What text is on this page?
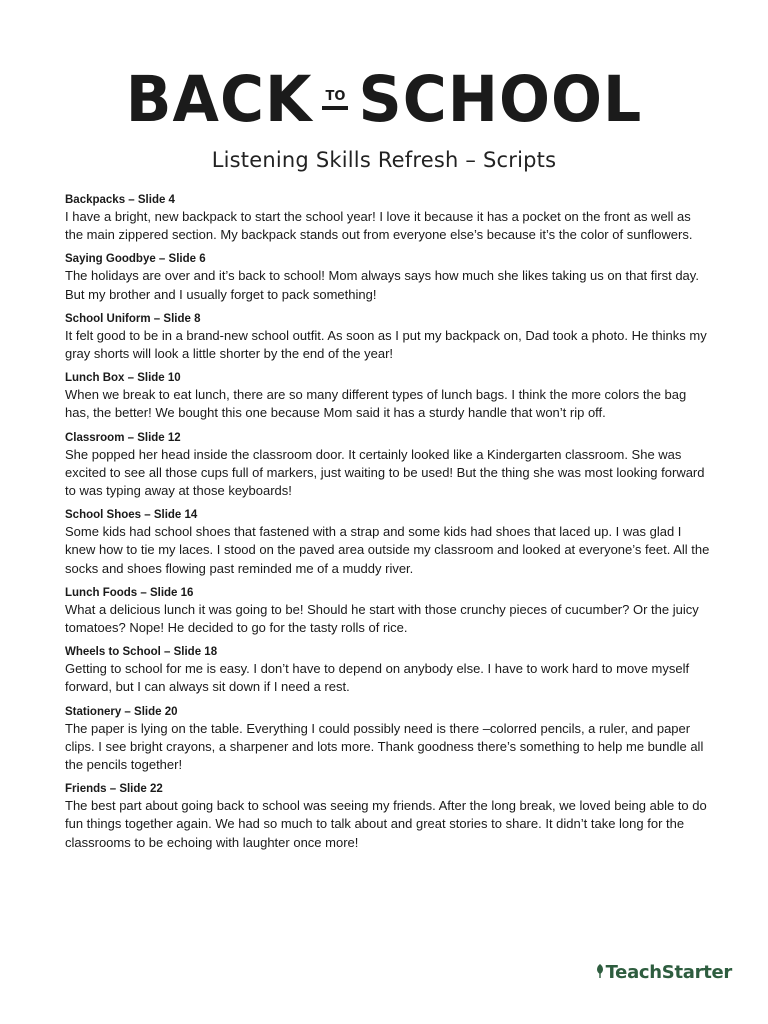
BACK TO SCHOOL
Listening Skills Refresh – Scripts
Backpacks – Slide 4
I have a bright, new backpack to start the school year! I love it because it has a pocket on the front as well as the main zippered section. My backpack stands out from everyone else’s because it’s the color of sunflowers.
Saying Goodbye – Slide 6
The holidays are over and it’s back to school! Mom always says how much she likes taking us on that first day. But my brother and I usually forget to pack something!
School Uniform – Slide 8
It felt good to be in a brand-new school outfit. As soon as I put my backpack on, Dad took a photo. He thinks my gray shorts will look a little shorter by the end of the year!
Lunch Box – Slide 10
When we break to eat lunch, there are so many different types of lunch bags. I think the more colors the bag has, the better! We bought this one because Mom said it has a sturdy handle that won’t rip off.
Classroom – Slide 12
She popped her head inside the classroom door. It certainly looked like a Kindergarten classroom. She was excited to see all those cups full of markers, just waiting to be used! But the thing she was most looking forward to was typing away at those keyboards!
School Shoes – Slide 14
Some kids had school shoes that fastened with a strap and some kids had shoes that laced up. I was glad I knew how to tie my laces. I stood on the paved area outside my classroom and looked at everyone’s feet. All the socks and shoes flowing past reminded me of a muddy river.
Lunch Foods – Slide 16
What a delicious lunch it was going to be! Should he start with those crunchy pieces of cucumber? Or the juicy tomatoes? Nope! He decided to go for the tasty rolls of rice.
Wheels to School – Slide 18
Getting to school for me is easy. I don’t have to depend on anybody else. I have to work hard to move myself forward, but I can always sit down if I need a rest.
Stationery – Slide 20
The paper is lying on the table. Everything I could possibly need is there –colorred pencils, a ruler, and paper clips. I see bright crayons, a sharpener and lots more. Thank goodness there’s something to help me bundle all the pencils together!
Friends – Slide 22
The best part about going back to school was seeing my friends. After the long break, we loved being able to do fun things together again. We had so much to talk about and great stories to share. It didn’t take long for the classrooms to be echoing with laughter once more!
TeachStarter
